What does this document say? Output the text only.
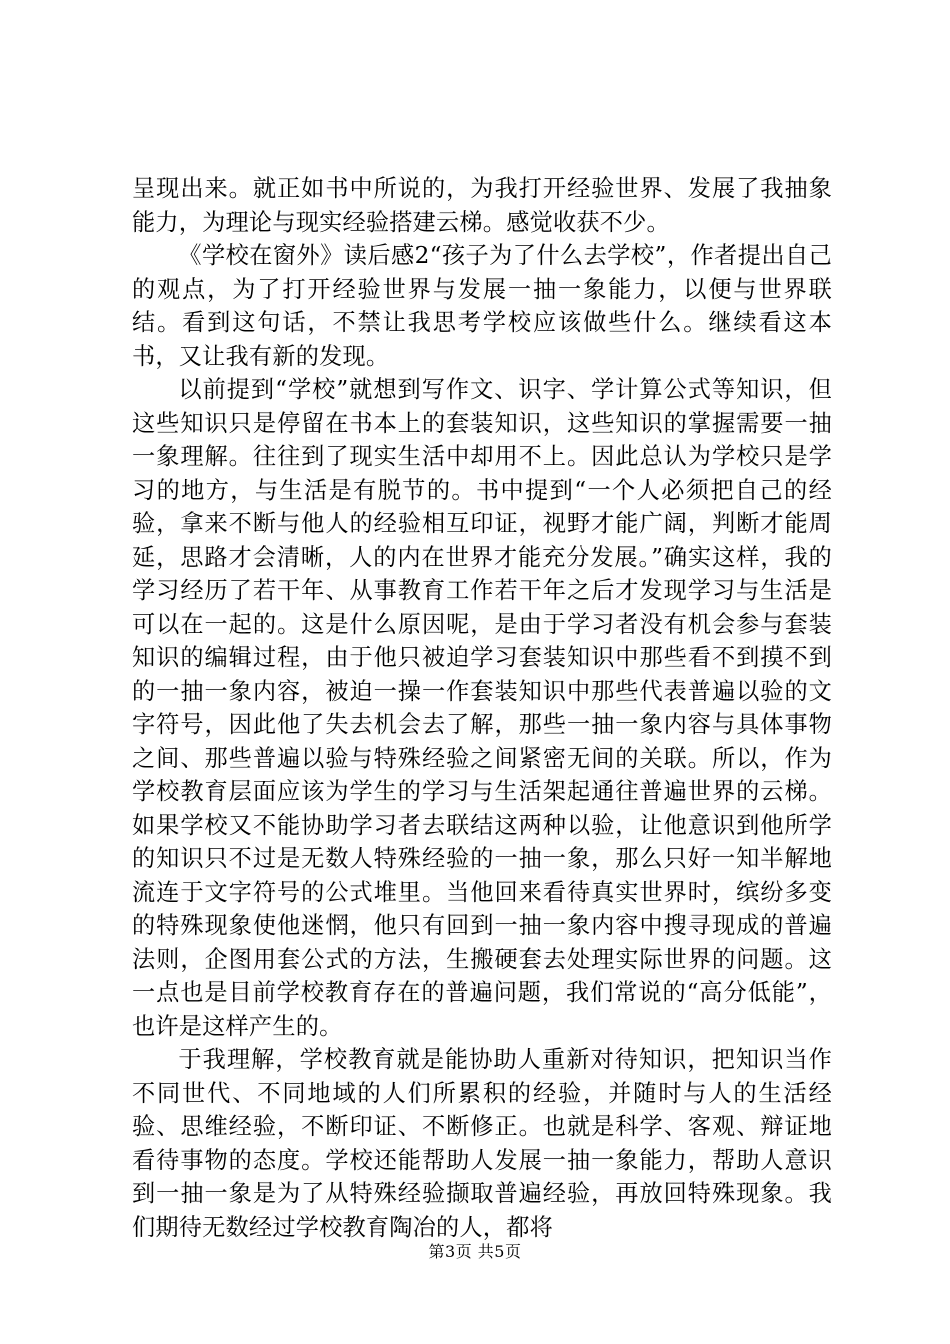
呈现出来。就正如书中所说的，为我打开经验世界、发展了我抽象能力，为理论与现实经验搭建云梯。感觉收获不少。

《学校在窗外》读后感2“孩子为了什么去学校”，作者提出自己的观点，为了打开经验世界与发展一抽一象能力，以便与世界联结。看到这句话，不禁让我思考学校应该做些什么。继续看这本书，又让我有新的发现。

以前提到“学校”就想到写作文、识字、学计算公式等知识，但这些知识只是停留在书本上的套装知识，这些知识的掌握需要一抽一象理解。往往到了现实生活中却用不上。因此总认为学校只是学习的地方，与生活是有脱节的。书中提到“一个人必须把自己的经验，拿来不断与他人的经验相互印证，视野才能广阔，判断才能周延，思路才会清晰，人的内在世界才能充分发展。”确实这样，我的学习经历了若干年、从事教育工作若干年之后才发现学习与生活是可以在一起的。这是什么原因呢，是由于学习者没有机会参与套装知识的编辑过程，由于他只被迫学习套装知识中那些看不到摸不到的一抽一象内容，被迫一操一作套装知识中那些代表普遍以验的文字符号，因此他了失去机会去了解，那些一抽一象内容与具体事物之间、那些普遍以验与特殊经验之间紧密无间的关联。所以，作为学校教育层面应该为学生的学习与生活架起通往普遍世界的云梯。如果学校又不能协助学习者去联结这两种以验，让他意识到他所学的知识只不过是无数人特殊经验的一抽一象，那么只好一知半解地流连于文字符号的公式堆里。当他回来看待真实世界时，缤纷多变的特殊现象使他迷惘，他只有回到一抽一象内容中搜寻现成的普遍法则，企图用套公式的方法，生搬硬套去处理实际世界的问题。这一点也是目前学校教育存在的普遍问题，我们常说的“高分低能”，也许是这样产生的。

于我理解，学校教育就是能协助人重新对待知识，把知识当作不同世代、不同地域的人们所累积的经验，并随时与人的生活经验、思维经验，不断印证、不断修正。也就是科学、客观、辩证地看待事物的态度。学校还能帮助人发展一抽一象能力，帮助人意识到一抽一象是为了从特殊经验撷取普遍经验，再放回特殊现象。我们期待无数经过学校教育陶冶的人，都将

第3页 共5页
